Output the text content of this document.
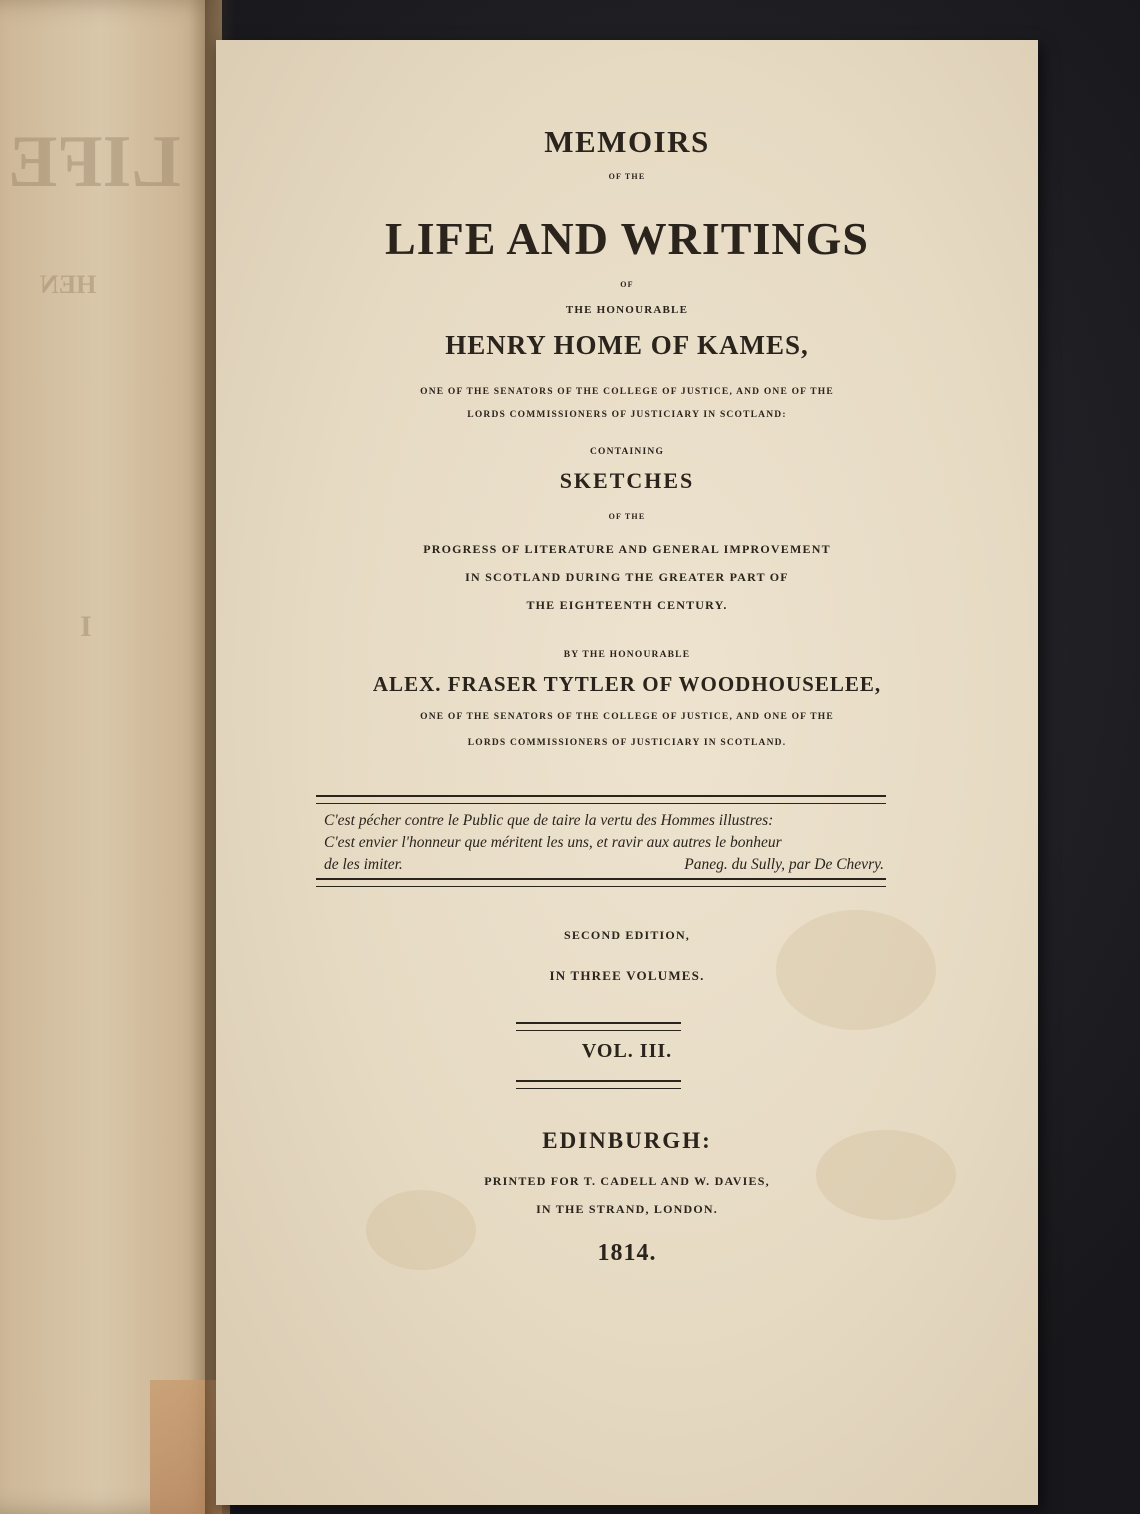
LIFE
HEN
I
MEMOIRS
OF THE
LIFE AND WRITINGS
OF
THE HONOURABLE
HENRY HOME OF KAMES,
ONE OF THE SENATORS OF THE COLLEGE OF JUSTICE, AND ONE OF THE
LORDS COMMISSIONERS OF JUSTICIARY IN SCOTLAND:
CONTAINING
SKETCHES
OF THE
PROGRESS OF LITERATURE AND GENERAL IMPROVEMENT
IN SCOTLAND DURING THE GREATER PART OF
THE EIGHTEENTH CENTURY.
BY THE HONOURABLE
ALEX. FRASER TYTLER OF WOODHOUSELEE,
ONE OF THE SENATORS OF THE COLLEGE OF JUSTICE, AND ONE OF THE
LORDS COMMISSIONERS OF JUSTICIARY IN SCOTLAND.
C'est pécher contre le Public que de taire la vertu des Hommes illustres:
C'est envier l'honneur que méritent les uns, et ravir aux autres le bonheur
de les imiter.	Paneg. du Sully, par De Chevry.
SECOND EDITION,
IN THREE VOLUMES.
VOL. III.
EDINBURGH:
PRINTED FOR T. CADELL AND W. DAVIES,
IN THE STRAND, LONDON.
1814.
